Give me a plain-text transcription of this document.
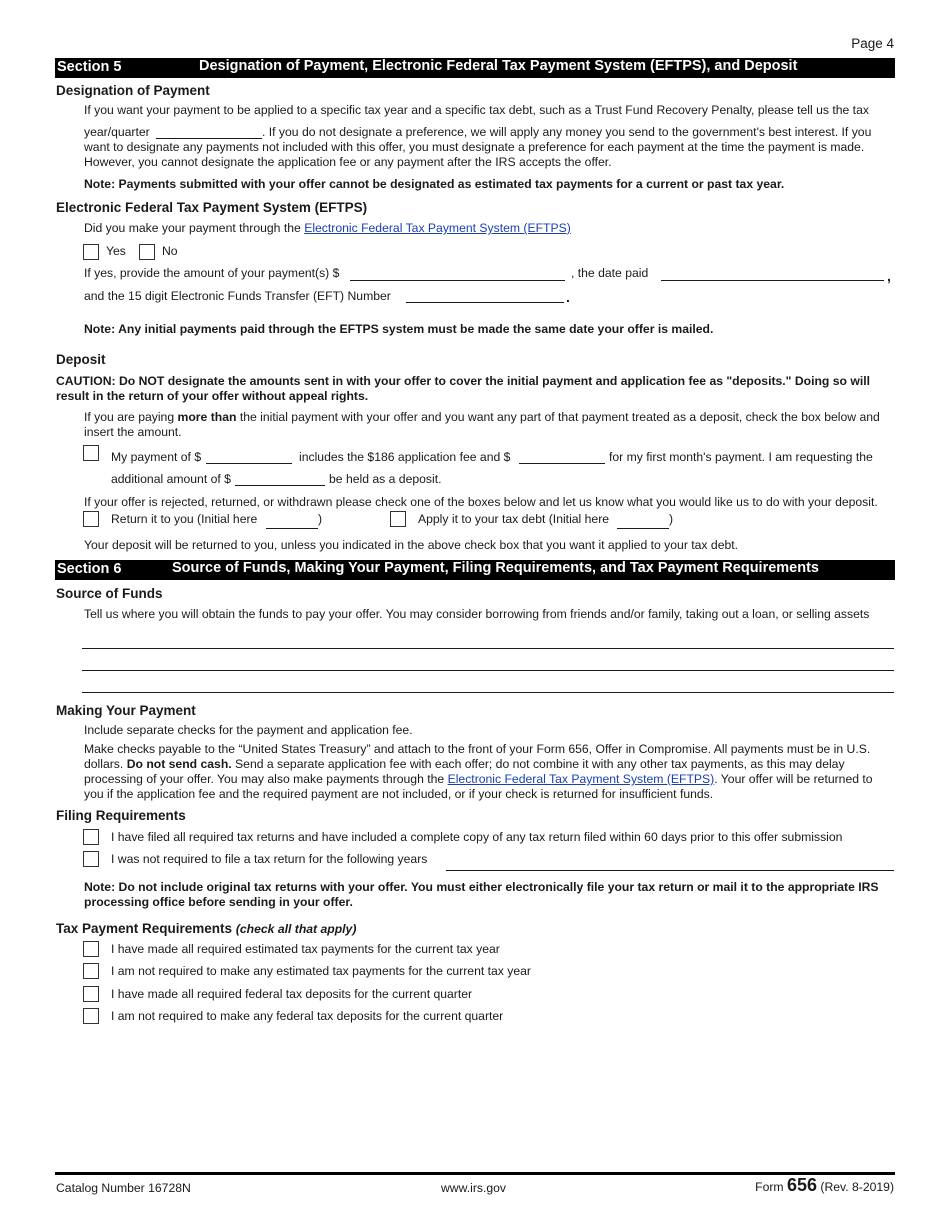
Page 4
Section 5	Designation of Payment, Electronic Federal Tax Payment System (EFTPS), and Deposit
Designation of Payment
If you want your payment to be applied to a specific tax year and a specific tax debt, such as a Trust Fund Recovery Penalty, please tell us the tax
year/quarter	. If you do not designate a preference, we will apply any money you send to the government's best interest. If you
want to designate any payments not included with this offer, you must designate a preference for each payment at the time the payment is made. However, you cannot designate the application fee or any payment after the IRS accepts the offer.
Note: Payments submitted with your offer cannot be designated as estimated tax payments for a current or past tax year.
Electronic Federal Tax Payment System (EFTPS)
Did you make your payment through the Electronic Federal Tax Payment System (EFTPS)
Yes	No
If yes, provide the amount of your payment(s) $	, the date paid	,
and the 15 digit Electronic Funds Transfer (EFT) Number	.
Note: Any initial payments paid through the EFTPS system must be made the same date your offer is mailed.
Deposit
CAUTION: Do NOT designate the amounts sent in with your offer to cover the initial payment and application fee as "deposits." Doing so will result in the return of your offer without appeal rights.
If you are paying more than the initial payment with your offer and you want any part of that payment treated as a deposit, check the box below and insert the amount.
My payment of $	includes the $186 application fee and $	for my first month's payment. I am requesting the
additional amount of $	be held as a deposit.
If your offer is rejected, returned, or withdrawn please check one of the boxes below and let us know what you would like us to do with your deposit.
Return it to you (Initial here	)	Apply it to your tax debt (Initial here	)
Your deposit will be returned to you, unless you indicated in the above check box that you want it applied to your tax debt.
Section 6	Source of Funds, Making Your Payment, Filing Requirements, and Tax Payment Requirements
Source of Funds
Tell us where you will obtain the funds to pay your offer. You may consider borrowing from friends and/or family, taking out a loan, or selling assets
Making Your Payment
Include separate checks for the payment and application fee.
Make checks payable to the “United States Treasury” and attach to the front of your Form 656, Offer in Compromise. All payments must be in U.S. dollars. Do not send cash. Send a separate application fee with each offer; do not combine it with any other tax payments, as this may delay processing of your offer. You may also make payments through the Electronic Federal Tax Payment System (EFTPS). Your offer will be returned to you if the application fee and the required payment are not included, or if your check is returned for insufficient funds.
Filing Requirements
I have filed all required tax returns and have included a complete copy of any tax return filed within 60 days prior to this offer submission
I was not required to file a tax return for the following years
Note: Do not include original tax returns with your offer. You must either electronically file your tax return or mail it to the appropriate IRS processing office before sending in your offer.
Tax Payment Requirements (check all that apply)
I have made all required estimated tax payments for the current tax year
I am not required to make any estimated tax payments for the current tax year
I have made all required federal tax deposits for the current quarter
I am not required to make any federal tax deposits for the current quarter
Catalog Number 16728N	www.irs.gov	Form 656 (Rev. 8-2019)
